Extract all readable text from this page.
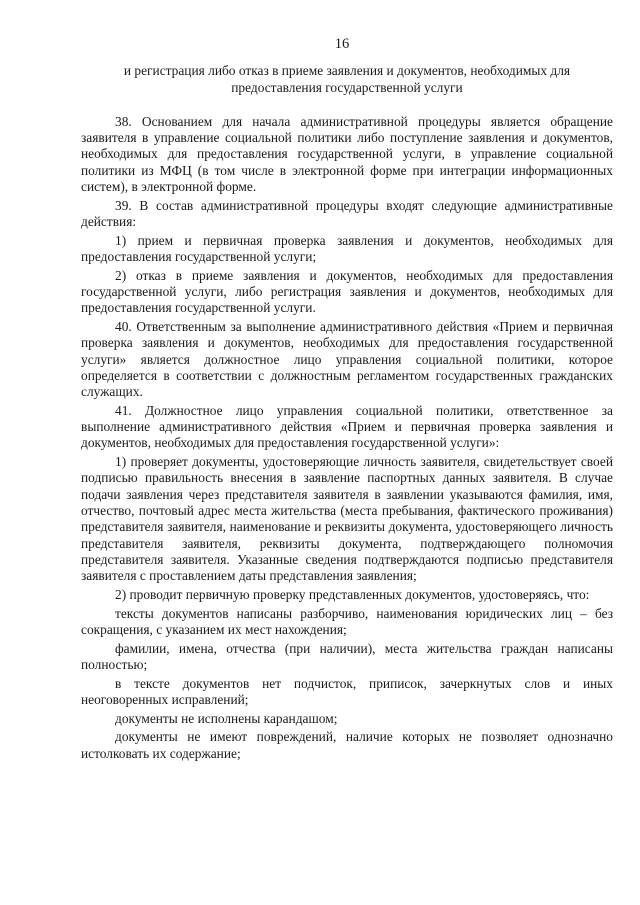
16
и регистрация либо отказ в приеме заявления и документов, необходимых для предоставления государственной услуги

38. Основанием для начала административной процедуры является обращение заявителя в управление социальной политики либо поступление заявления и документов, необходимых для предоставления государственной услуги, в управление социальной политики из МФЦ (в том числе в электронной форме при интеграции информационных систем), в электронной форме.

39. В состав административной процедуры входят следующие административные действия:

1) прием и первичная проверка заявления и документов, необходимых для предоставления государственной услуги;

2) отказ в приеме заявления и документов, необходимых для предоставления государственной услуги, либо регистрация заявления и документов, необходимых для предоставления государственной услуги.

40. Ответственным за выполнение административного действия «Прием и первичная проверка заявления и документов, необходимых для предоставления государственной услуги» является должностное лицо управления социальной политики, которое определяется в соответствии с должностным регламентом государственных гражданских служащих.

41. Должностное лицо управления социальной политики, ответственное за выполнение административного действия «Прием и первичная проверка заявления и документов, необходимых для предоставления государственной услуги»:

1) проверяет документы, удостоверяющие личность заявителя, свидетельствует своей подписью правильность внесения в заявление паспортных данных заявителя. В случае подачи заявления через представителя заявителя в заявлении указываются фамилия, имя, отчество, почтовый адрес места жительства (места пребывания, фактического проживания) представителя заявителя, наименование и реквизиты документа, удостоверяющего личность представителя заявителя, реквизиты документа, подтверждающего полномочия представителя заявителя. Указанные сведения подтверждаются подписью представителя заявителя с проставлением даты представления заявления;

2) проводит первичную проверку представленных документов, удостоверяясь, что:

тексты документов написаны разборчиво, наименования юридических лиц – без сокращения, с указанием их мест нахождения;

фамилии, имена, отчества (при наличии), места жительства граждан написаны полностью;

в тексте документов нет подчисток, приписок, зачеркнутых слов и иных неоговоренных исправлений;

документы не исполнены карандашом;

документы не имеют повреждений, наличие которых не позволяет однозначно истолковать их содержание;
